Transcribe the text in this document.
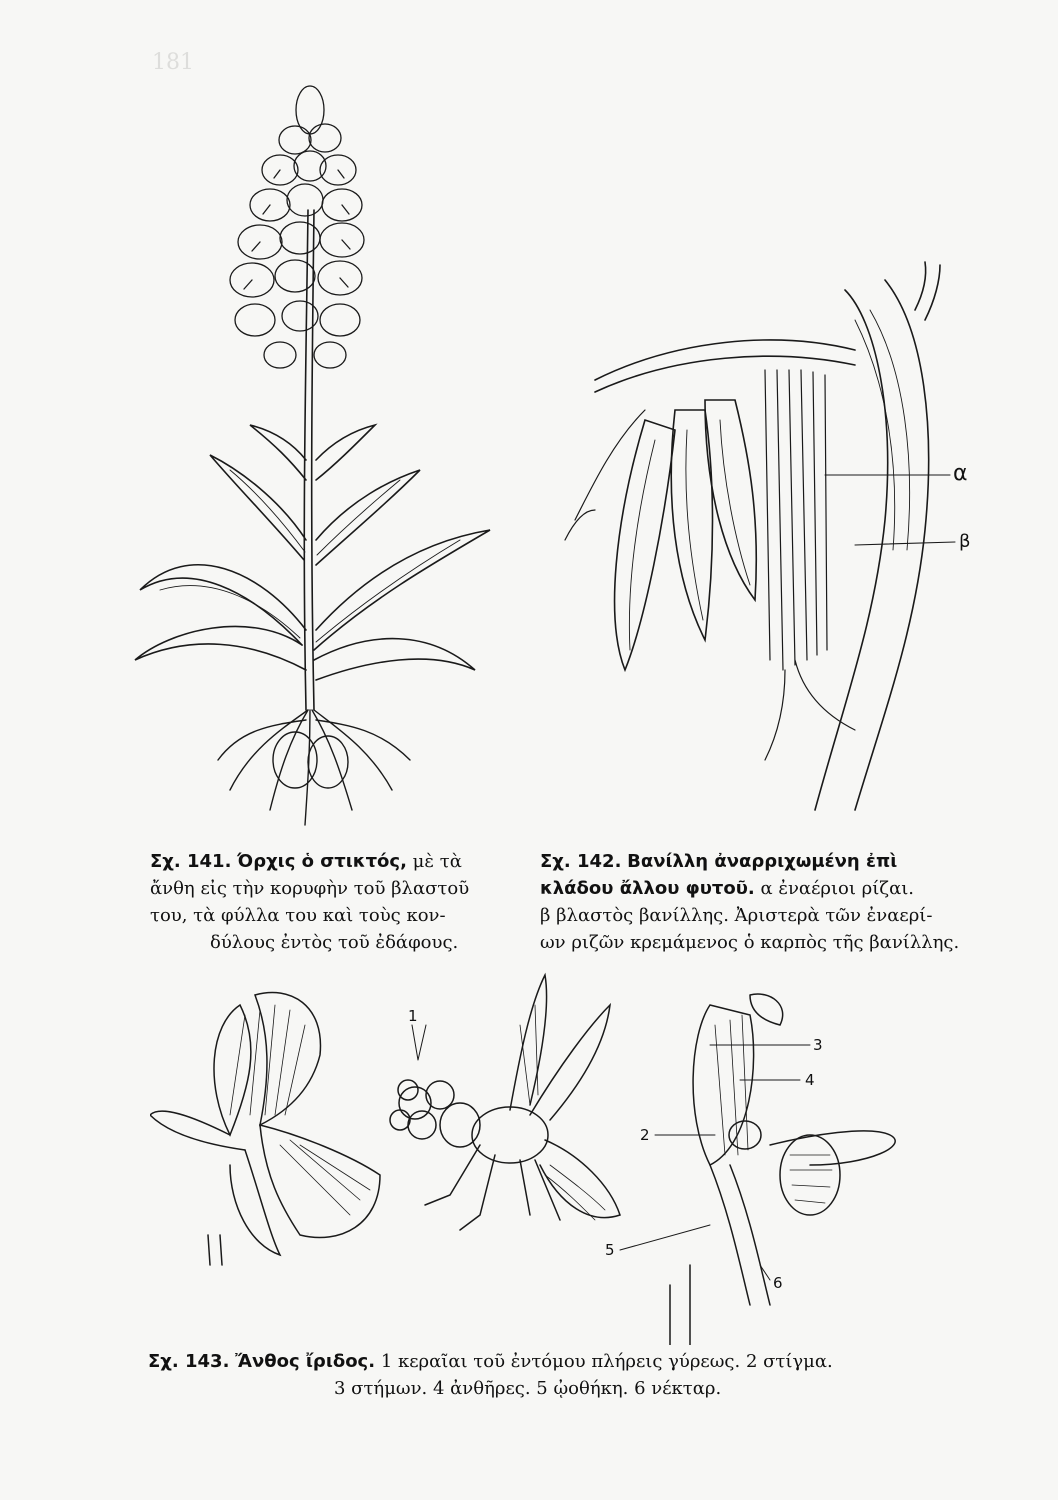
181
α
β
Σχ. 141. Όρχις ὁ στικτός, μὲ τὰ
ἄνθη εἰς τὴν κορυφὴν τοῦ βλαστοῦ
του, τὰ φύλλα του καὶ τοὺς κον-
δύλους ἐντὸς τοῦ ἐδάφους.
Σχ. 142. Βανίλλη ἀναρριχωμένη ἐπὶ
κλάδου ἄλλου φυτοῦ. α ἐναέριοι ρίζαι.
β βλαστὸς βανίλλης. Ἀριστερὰ τῶν ἐναερί-
ων ριζῶν κρεμάμενος ὁ καρπὸς τῆς βανίλλης.
1
2
3
4
5
6
Σχ. 143. Ἄνθος ἴριδος. 1 κεραῖαι τοῦ ἐντόμου πλήρεις γύρεως. 2 στίγμα.
3 στήμων. 4 ἀνθῆρες. 5 ᾠοθήκη. 6 νέκταρ.
